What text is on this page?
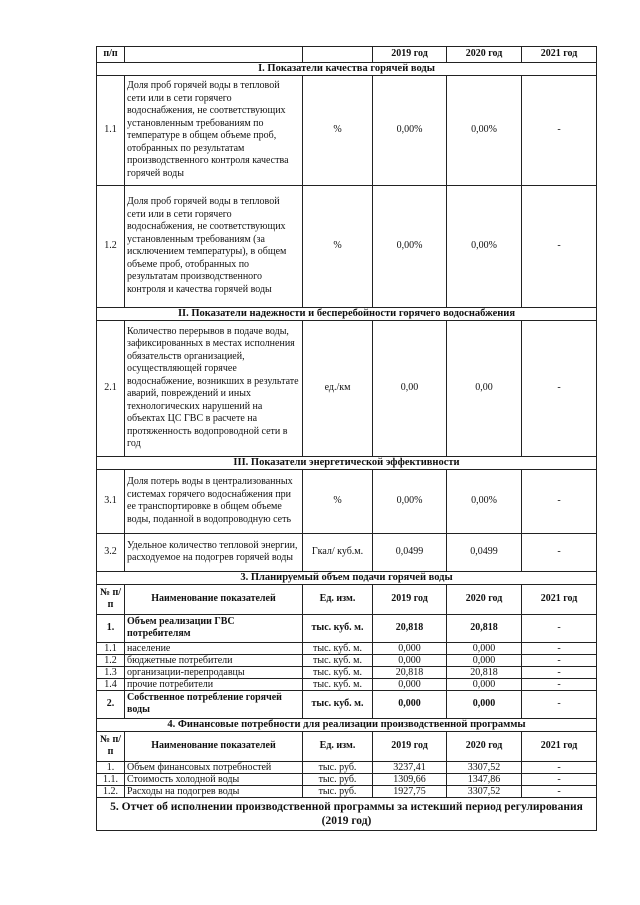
п/п			2019 год	2020 год	2021 год
I. Показатели качества горячей воды					
1.1	Доля проб горячей воды в тепловой сети или в сети горячего водоснабжения, не соответствующих установленным требованиям по температуре в общем объеме проб, отобранных по результатам производственного контроля качества горячей воды	%	0,00%	0,00%	-
1.2	Доля проб горячей воды в тепловой сети или в сети горячего водоснабжения, не соответствующих установленным требованиям (за исключением температуры), в общем объеме проб, отобранных по результатам производственного контроля и качества горячей воды	%	0,00%	0,00%	-
II. Показатели надежности и бесперебойности горячего водоснабжения					
2.1	Количество перерывов в подаче воды, зафиксированных в местах исполнения обязательств организацией, осуществляющей горячее водоснабжение, возникших в результате аварий, повреждений и иных технологических нарушений на объектах ЦС ГВС в расчете на протяженность водопроводной сети в год	ед./км	0,00	0,00	-
III. Показатели энергетической эффективности					
3.1	Доля потерь воды в централизованных системах горячего водоснабжения при ее транспортировке в общем объеме воды, поданной в водопроводную сеть	%	0,00%	0,00%	-
3.2	Удельное количество тепловой энергии, расходуемое на подогрев горячей воды	Гкал/ куб.м.	0,0499	0,0499	-
3. Планируемый объем подачи горячей воды					
№ п/п	Наименование показателей	Ед. изм.	2019 год	2020 год	2021 год
1.	Объем реализации ГВС потребителям	тыс. куб. м.	20,818	20,818	-
1.1	население	тыс. куб. м.	0,000	0,000	-
1.2	бюджетные потребители	тыс. куб. м.	0,000	0,000	-
1.3	организации-перепродавцы	тыс. куб. м.	20,818	20,818	-
1.4	прочие потребители	тыс. куб. м.	0,000	0,000	-
2.	Собственное потребление горячей воды	тыс. куб. м.	0,000	0,000	-
4. Финансовые потребности для реализации производственной программы					
№ п/п	Наименование показателей	Ед. изм.	2019 год	2020 год	2021 год
1.	Объем финансовых потребностей	тыс. руб.	3237,41	3307,52	-
1.1.	Стоимость холодной воды	тыс. руб.	1309,66	1347,86	-
1.2.	Расходы на подогрев воды	тыс. руб.	1927,75	3307,52	-
5. Отчет об исполнении производственной программы за истекший период регулирования (2019 год)					
